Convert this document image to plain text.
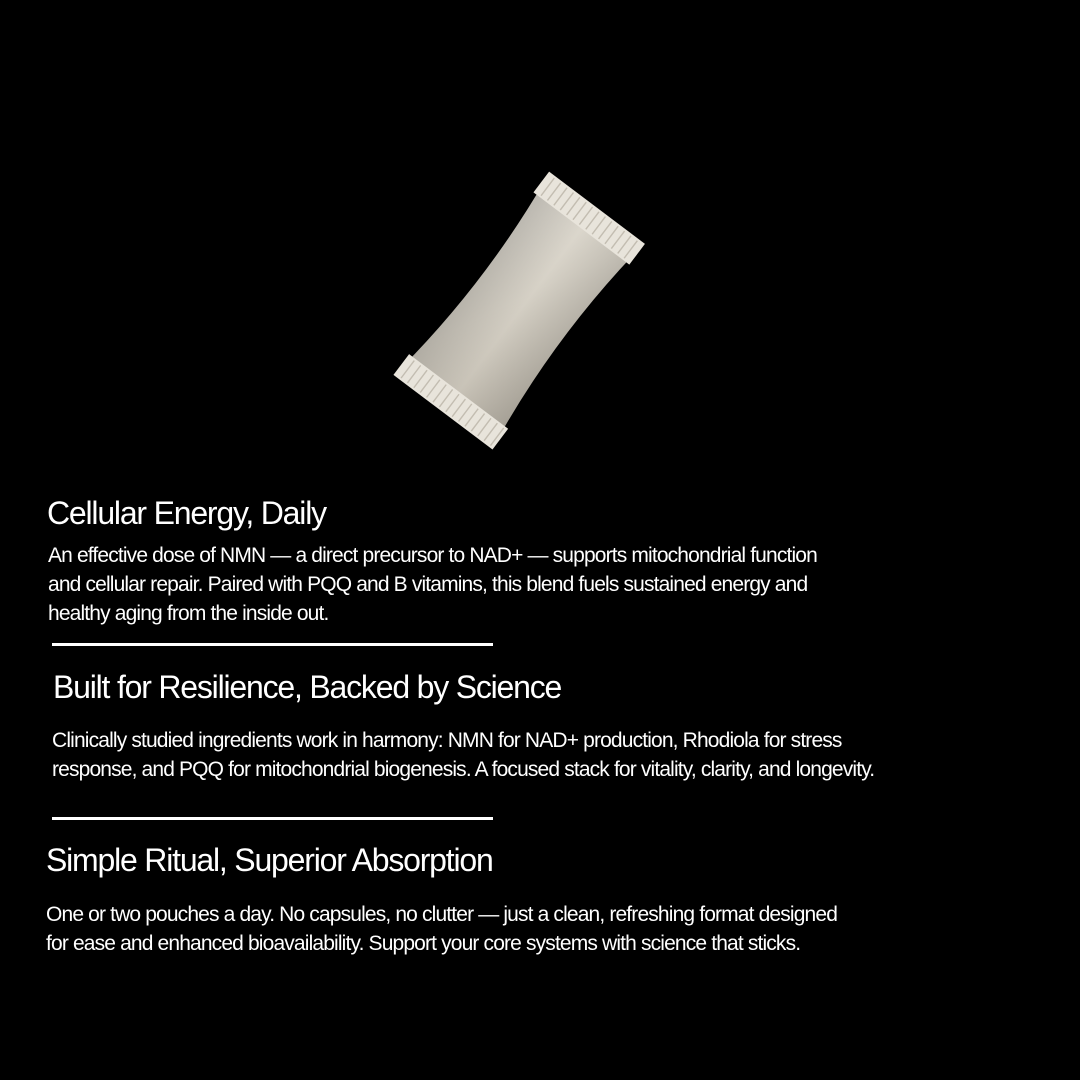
Cellular Energy, Daily

An effective dose of NMN — a direct precursor to NAD+ — supports mitochondrial function
and cellular repair. Paired with PQQ and B vitamins, this blend fuels sustained energy and
healthy aging from the inside out.

Built for Resilience, Backed by Science

Clinically studied ingredients work in harmony: NMN for NAD+ production, Rhodiola for stress
response, and PQQ for mitochondrial biogenesis. A focused stack for vitality, clarity, and longevity.

Simple Ritual, Superior Absorption

One or two pouches a day. No capsules, no clutter — just a clean, refreshing format designed
for ease and enhanced bioavailability. Support your core systems with science that sticks.
